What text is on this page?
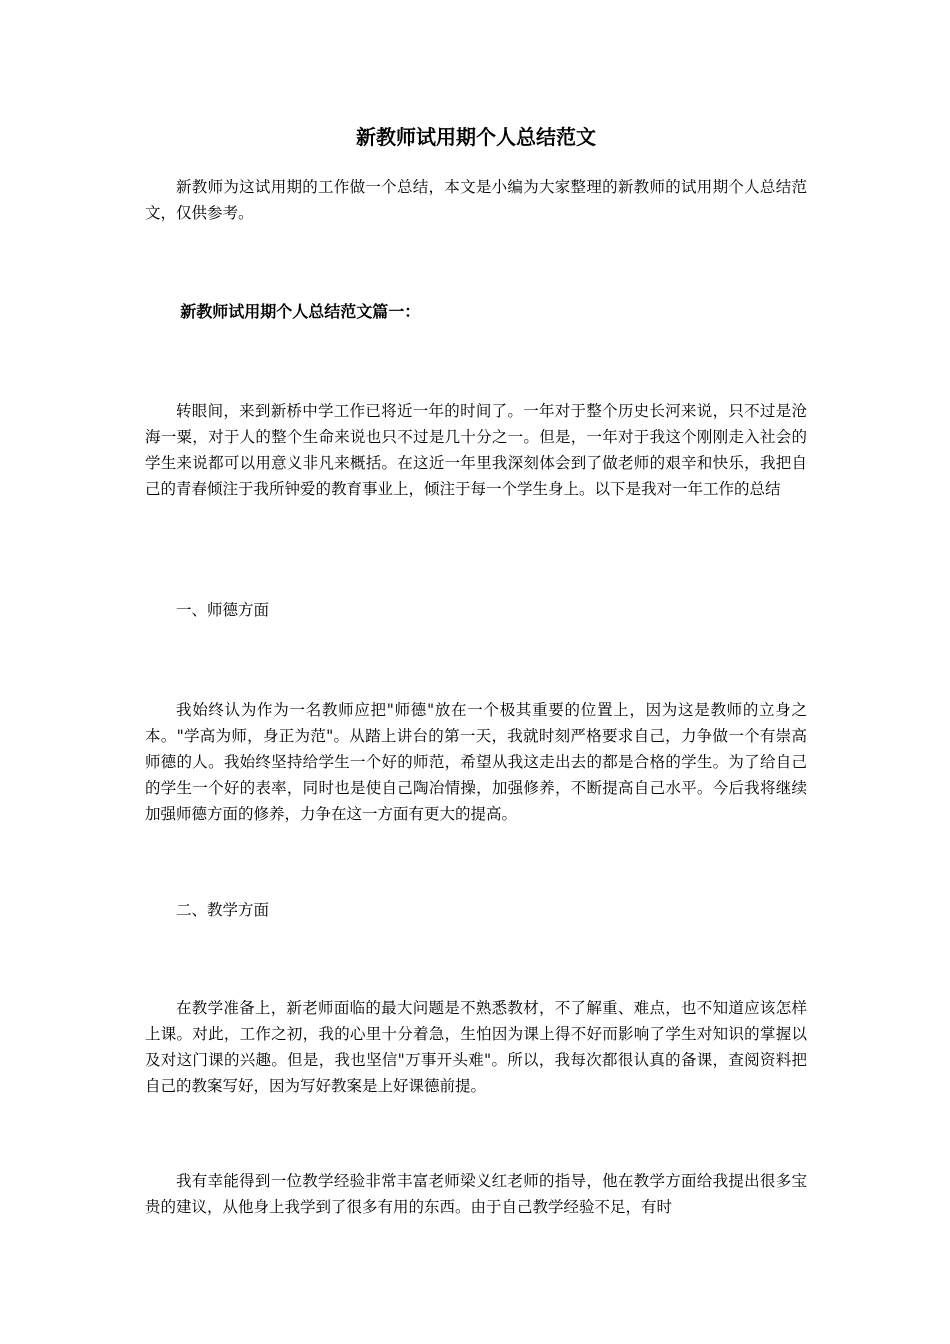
新教师试用期个人总结范文

新教师为这试用期的工作做一个总结，本文是小编为大家整理的新教师的试用期个人总结范文，仅供参考。

新教师试用期个人总结范文篇一：

转眼间，来到新桥中学工作已将近一年的时间了。一年对于整个历史长河来说，只不过是沧海一粟，对于人的整个生命来说也只不过是几十分之一。但是，一年对于我这个刚刚走入社会的学生来说都可以用意义非凡来概括。在这近一年里我深刻体会到了做老师的艰辛和快乐，我把自己的青春倾注于我所钟爱的教育事业上，倾注于每一个学生身上。以下是我对一年工作的总结

一、师德方面

我始终认为作为一名教师应把"师德"放在一个极其重要的位置上，因为这是教师的立身之本。"学高为师，身正为范"。从踏上讲台的第一天，我就时刻严格要求自己，力争做一个有崇高师德的人。我始终坚持给学生一个好的师范，希望从我这走出去的都是合格的学生。为了给自己的学生一个好的表率，同时也是使自己陶冶情操，加强修养，不断提高自己水平。今后我将继续加强师德方面的修养，力争在这一方面有更大的提高。

二、教学方面

在教学准备上，新老师面临的最大问题是不熟悉教材，不了解重、难点，也不知道应该怎样上课。对此，工作之初，我的心里十分着急，生怕因为课上得不好而影响了学生对知识的掌握以及对这门课的兴趣。但是，我也坚信"万事开头难"。所以，我每次都很认真的备课，查阅资料把自己的教案写好，因为写好教案是上好课德前提。

我有幸能得到一位教学经验非常丰富老师梁义红老师的指导，他在教学方面给我提出很多宝贵的建议，从他身上我学到了很多有用的东西。由于自己教学经验不足，有时
